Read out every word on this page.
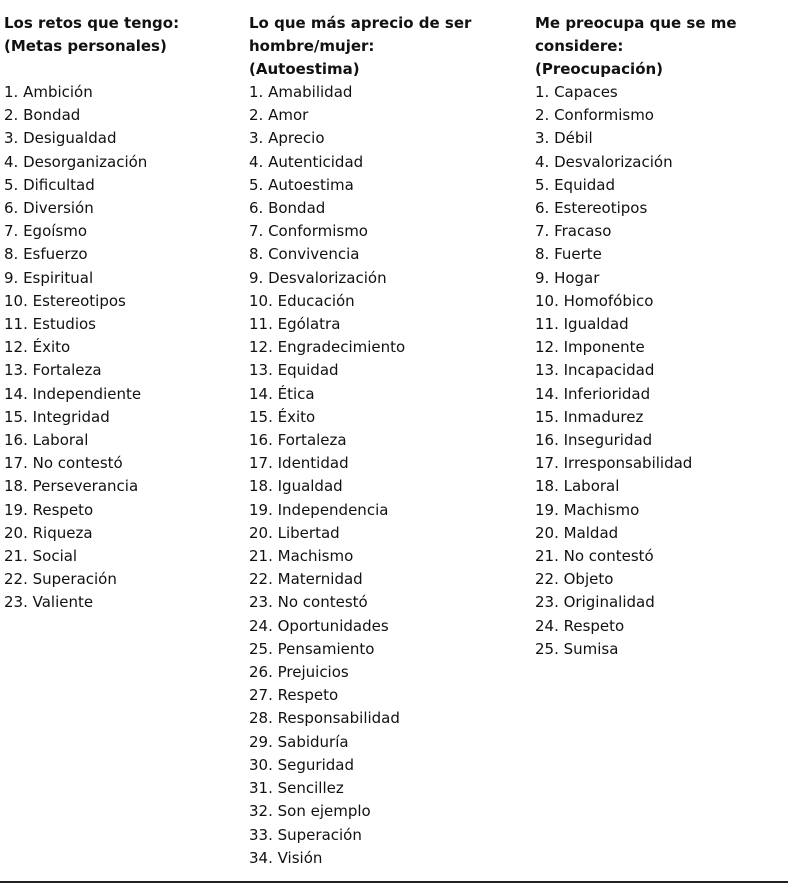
Los retos que tengo:
(Metas personales)
1. Ambición
2. Bondad
3. Desigualdad
4. Desorganización
5. Dificultad
6. Diversión
7. Egoísmo
8. Esfuerzo
9. Espiritual
10. Estereotipos
11. Estudios
12. Éxito
13. Fortaleza
14. Independiente
15. Integridad
16. Laboral
17. No contestó
18. Perseverancia
19. Respeto
20. Riqueza
21. Social
22. Superación
23. Valiente
Lo que más aprecio de ser
hombre/mujer:
(Autoestima)
1. Amabilidad
2. Amor
3. Aprecio
4. Autenticidad
5. Autoestima
6. Bondad
7. Conformismo
8. Convivencia
9. Desvalorización
10. Educación
11. Ególatra
12. Engradecimiento
13. Equidad
14. Ética
15. Éxito
16. Fortaleza
17. Identidad
18. Igualdad
19. Independencia
20. Libertad
21. Machismo
22. Maternidad
23. No contestó
24. Oportunidades
25. Pensamiento
26. Prejuicios
27. Respeto
28. Responsabilidad
29. Sabiduría
30. Seguridad
31. Sencillez
32. Son ejemplo
33. Superación
34. Visión
Me preocupa que se me
considere:
(Preocupación)
1. Capaces
2. Conformismo
3. Débil
4. Desvalorización
5. Equidad
6. Estereotipos
7. Fracaso
8. Fuerte
9. Hogar
10. Homofóbico
11. Igualdad
12. Imponente
13. Incapacidad
14. Inferioridad
15. Inmadurez
16. Inseguridad
17. Irresponsabilidad
18. Laboral
19. Machismo
20. Maldad
21. No contestó
22. Objeto
23. Originalidad
24. Respeto
25. Sumisa
